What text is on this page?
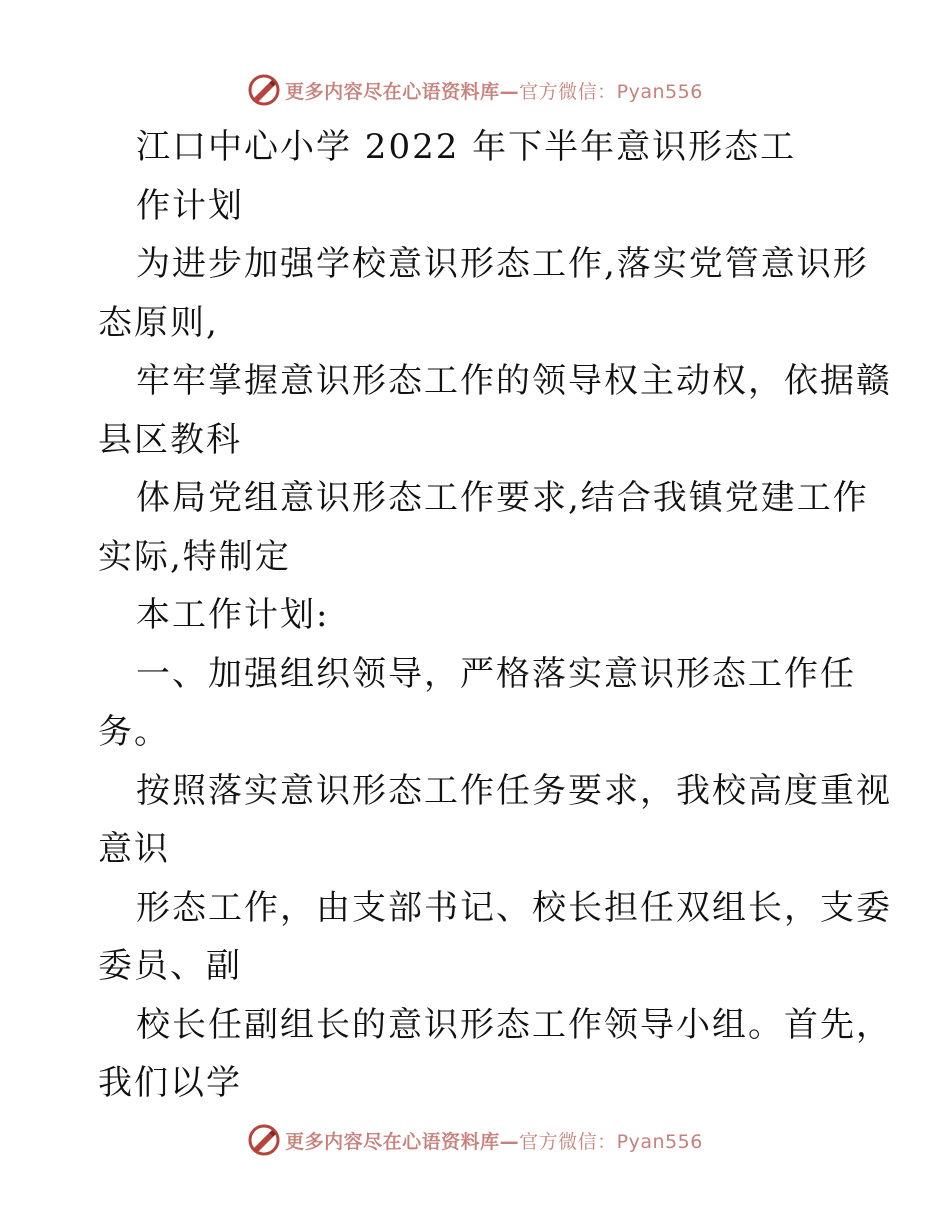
更多内容尽在心语资料库—官方微信：Pyan556
江口中心小学 2022 年下半年意识形态工
作计划
为进步加强学校意识形态工作,落实党管意识形
态原则,
牢牢掌握意识形态工作的领导权主动权，依据赣
县区教科
体局党组意识形态工作要求,结合我镇党建工作
实际,特制定
本工作计划:
一、加强组织领导，严格落实意识形态工作任
务。
按照落实意识形态工作任务要求，我校高度重视
意识
形态工作，由支部书记、校长担任双组长，支委
委员、副
校长任副组长的意识形态工作领导小组。首先，
我们以学
更多内容尽在心语资料库—官方微信：Pyan556
